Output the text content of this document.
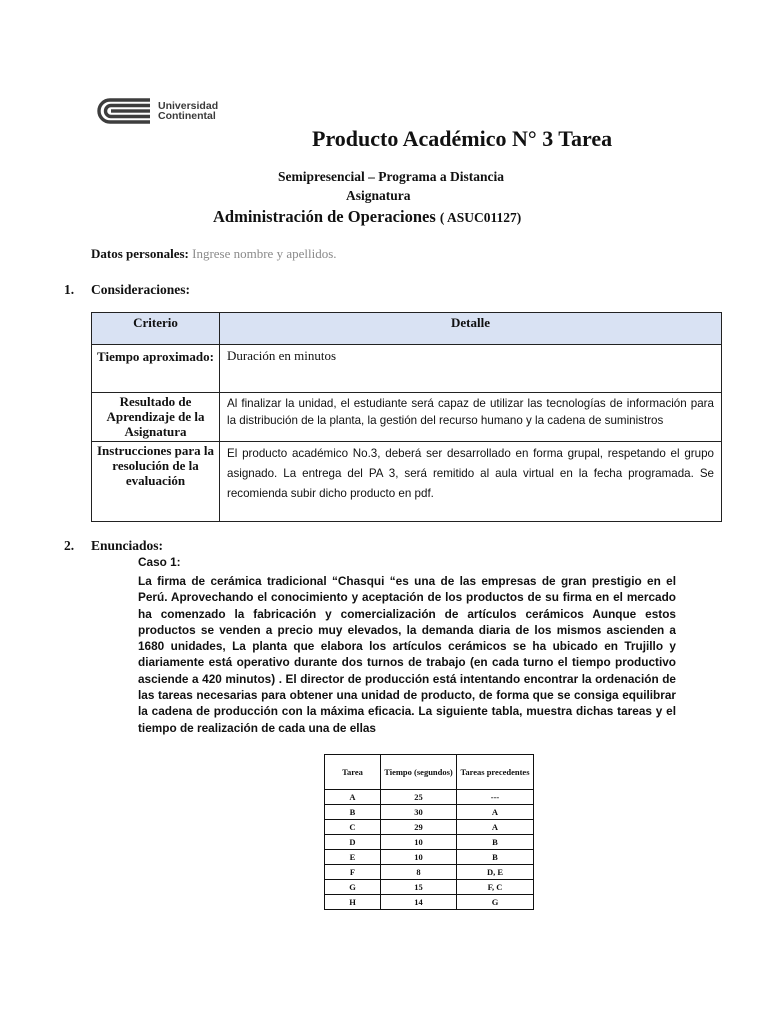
Universidad
Continental
Producto Académico N° 3 Tarea
Semipresencial – Programa a Distancia
Asignatura
Administración de Operaciones ( ASUC01127)
Datos personales: Ingrese nombre y apellidos.
1. Consideraciones:
Criterio	Detalle
Tiempo aproximado:	Duración en minutos
Resultado de Aprendizaje de la Asignatura	Al finalizar la unidad, el estudiante será capaz de utilizar las tecnologías de información para la distribución de la planta, la gestión del recurso humano y la cadena de suministros
Instrucciones para la resolución de la evaluación	El producto académico No.3, deberá ser desarrollado en forma grupal, respetando el grupo asignado. La entrega del PA 3, será remitido al aula virtual en la fecha programada. Se recomienda subir dicho producto en pdf.
2. Enunciados:
Caso 1:
La firma de cerámica tradicional “Chasqui “es una de las empresas de gran prestigio en el Perú. Aprovechando el conocimiento y aceptación de los productos de su firma en el mercado ha comenzado la fabricación y comercialización de artículos cerámicos Aunque estos productos se venden a precio muy elevados, la demanda diaria de los mismos ascienden a 1680 unidades, La planta que elabora los artículos cerámicos se ha ubicado en Trujillo y diariamente está operativo durante dos turnos de trabajo (en cada turno el tiempo productivo asciende a 420 minutos) . El director de producción está intentando encontrar la ordenación de las tareas necesarias para obtener una unidad de producto, de forma que se consiga equilibrar la cadena de producción con la máxima eficacia. La siguiente tabla, muestra dichas tareas y el tiempo de realización de cada una de ellas
Tarea	Tiempo (segundos)	Tareas precedentes
A	25	---
B	30	A
C	29	A
D	10	B
E	10	B
F	8	D, E
G	15	F, C
H	14	G
